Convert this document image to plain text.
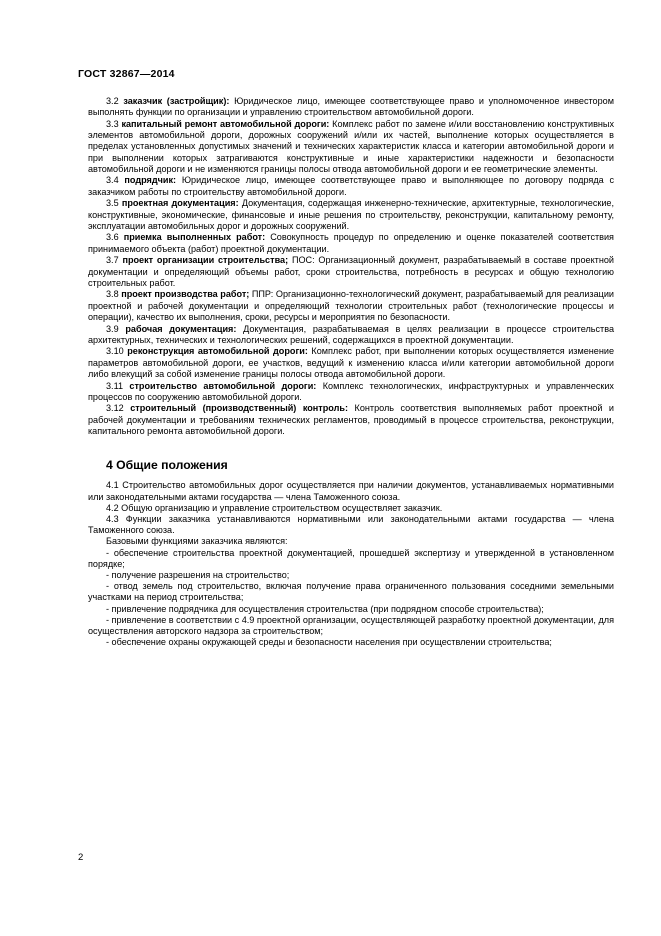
ГОСТ 32867—2014

3.2 заказчик (застройщик): Юридическое лицо, имеющее соответствующее право и уполномоченное инвестором выполнять функции по организации и управлению строительством автомобильной дороги.

3.3 капитальный ремонт автомобильной дороги: Комплекс работ по замене и/или восстановлению конструктивных элементов автомобильной дороги, дорожных сооружений и/или их частей, выполнение которых осуществляется в пределах установленных допустимых значений и технических характеристик класса и категории автомобильной дороги и при выполнении которых затрагиваются конструктивные и иные характеристики надежности и безопасности автомобильной дороги и не изменяются границы полосы отвода автомобильной дороги и ее геометрические элементы.

3.4 подрядчик: Юридическое лицо, имеющее соответствующее право и выполняющее по договору подряда с заказчиком работы по строительству автомобильной дороги.

3.5 проектная документация: Документация, содержащая инженерно-технические, архитектурные, технологические, конструктивные, экономические, финансовые и иные решения по строительству, реконструкции, капитальному ремонту, эксплуатации автомобильных дорог и дорожных сооружений.

3.6 приемка выполненных работ: Совокупность процедур по определению и оценке показателей соответствия принимаемого объекта (работ) проектной документации.

3.7 проект организации строительства; ПОС: Организационный документ, разрабатываемый в составе проектной документации и определяющий объемы работ, сроки строительства, потребность в ресурсах и общую технологию строительных работ.

3.8 проект производства работ; ППР: Организационно-технологический документ, разрабатываемый для реализации проектной и рабочей документации и определяющий технологии строительных работ (технологические процессы и операции), качество их выполнения, сроки, ресурсы и мероприятия по безопасности.

3.9 рабочая документация: Документация, разрабатываемая в целях реализации в процессе строительства архитектурных, технических и технологических решений, содержащихся в проектной документации.

3.10 реконструкция автомобильной дороги: Комплекс работ, при выполнении которых осуществляется изменение параметров автомобильной дороги, ее участков, ведущий к изменению класса и/или категории автомобильной дороги либо влекущий за собой изменение границы полосы отвода автомобильной дороги.

3.11 строительство автомобильной дороги: Комплекс технологических, инфраструктурных и управленческих процессов по сооружению автомобильной дороги.

3.12 строительный (производственный) контроль: Контроль соответствия выполняемых работ проектной и рабочей документации и требованиям технических регламентов, проводимый в процессе строительства, реконструкции, капитального ремонта автомобильной дороги.

4 Общие положения

4.1 Строительство автомобильных дорог осуществляется при наличии документов, устанавливаемых нормативными или законодательными актами государства — члена Таможенного союза.

4.2 Общую организацию и управление строительством осуществляет заказчик.

4.3 Функции заказчика устанавливаются нормативными или законодательными актами государства — члена Таможенного союза.

Базовыми функциями заказчика являются:

- обеспечение строительства проектной документацией, прошедшей экспертизу и утвержденной в установленном порядке;

- получение разрешения на строительство;

- отвод земель под строительство, включая получение права ограниченного пользования соседними земельными участками на период строительства;

- привлечение подрядчика для осуществления строительства (при подрядном способе строительства);

- привлечение в соответствии с 4.9 проектной организации, осуществляющей разработку проектной документации, для осуществления авторского надзора за строительством;

- обеспечение охраны окружающей среды и безопасности населения при осуществлении строительства;

2
